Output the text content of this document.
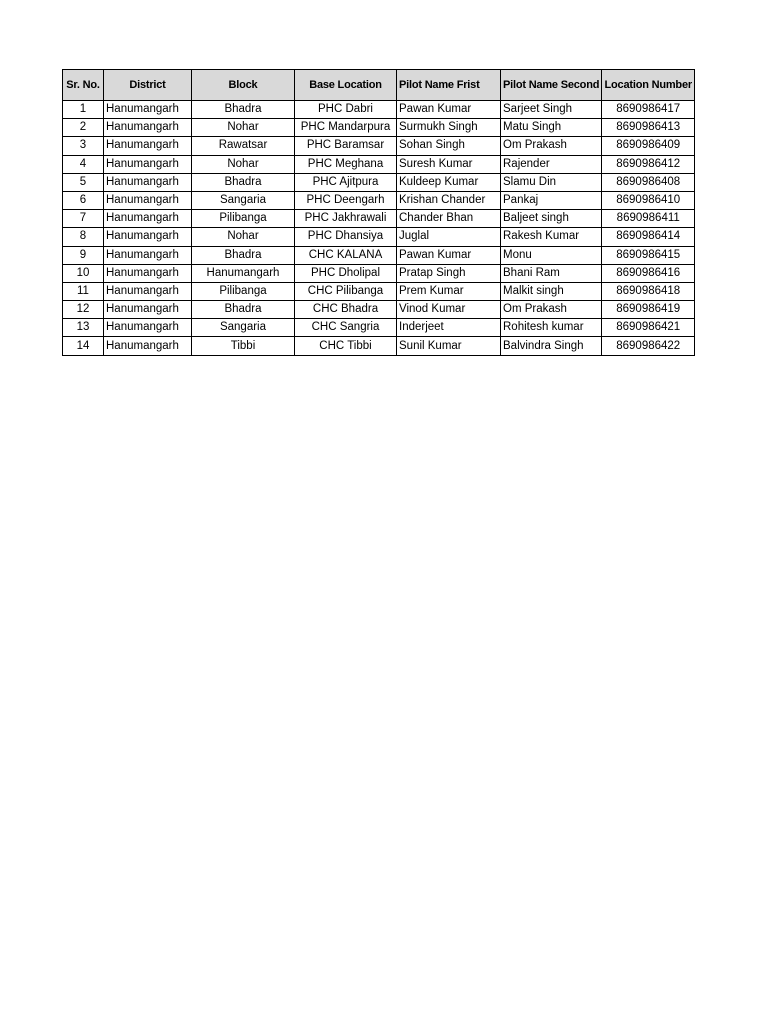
Sr. No.	District	Block	Base Location	Pilot Name Frist	Pilot Name Second	Location Number
1	Hanumangarh	Bhadra	PHC Dabri	Pawan Kumar	Sarjeet Singh	8690986417
2	Hanumangarh	Nohar	PHC Mandarpura	Surmukh Singh	Matu Singh	8690986413
3	Hanumangarh	Rawatsar	PHC Baramsar	Sohan Singh	Om Prakash	8690986409
4	Hanumangarh	Nohar	PHC Meghana	Suresh Kumar	Rajender	8690986412
5	Hanumangarh	Bhadra	PHC Ajitpura	Kuldeep Kumar	Slamu Din	8690986408
6	Hanumangarh	Sangaria	PHC Deengarh	Krishan Chander	Pankaj	8690986410
7	Hanumangarh	Pilibanga	PHC Jakhrawali	Chander Bhan	Baljeet singh	8690986411
8	Hanumangarh	Nohar	PHC Dhansiya	Juglal	Rakesh Kumar	8690986414
9	Hanumangarh	Bhadra	CHC KALANA	Pawan Kumar	Monu	8690986415
10	Hanumangarh	Hanumangarh	PHC Dholipal	Pratap Singh	Bhani Ram	8690986416
11	Hanumangarh	Pilibanga	CHC Pilibanga	Prem Kumar	Malkit singh	8690986418
12	Hanumangarh	Bhadra	CHC Bhadra	Vinod Kumar	Om Prakash	8690986419
13	Hanumangarh	Sangaria	CHC Sangria	Inderjeet	Rohitesh kumar	8690986421
14	Hanumangarh	Tibbi	CHC Tibbi	Sunil Kumar	Balvindra Singh	8690986422
